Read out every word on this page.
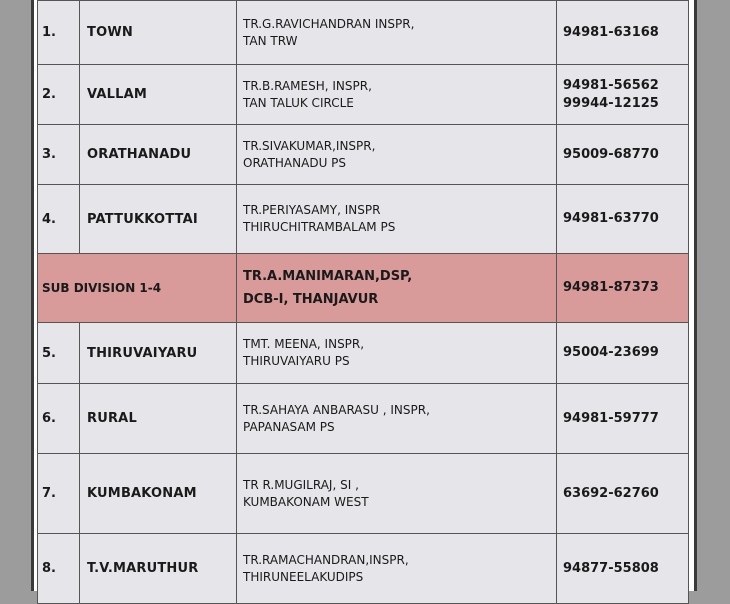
1.	TOWN	TR.G.RAVICHANDRAN INSPR,
TAN TRW	94981-63168

2.	VALLAM	TR.B.RAMESH, INSPR,
TAN TALUK CIRCLE	94981-56562
99944-12125

3.	ORATHANADU	TR.SIVAKUMAR,INSPR,
ORATHANADU PS	95009-68770

4.	PATTUKKOTTAI	TR.PERIYASAMY, INSPR
THIRUCHITRAMBALAM PS	94981-63770

SUB DIVISION 1-4		TR.A.MANIMARAN,DSP,
DCB-I, THANJAVUR	94981-87373
5.	THIRUVAIYARU	TMT. MEENA, INSPR,
THIRUVAIYARU PS	95004-23699

6.	RURAL	TR.SAHAYA ANBARASU , INSPR,
PAPANASAM PS	94981-59777

7.	KUMBAKONAM	TR R.MUGILRAJ, SI ,
KUMBAKONAM WEST	63692-62760

8.	T.V.MARUTHUR	TR.RAMACHANDRAN,INSPR,
THIRUNEELAKUDIPS	94877-55808
